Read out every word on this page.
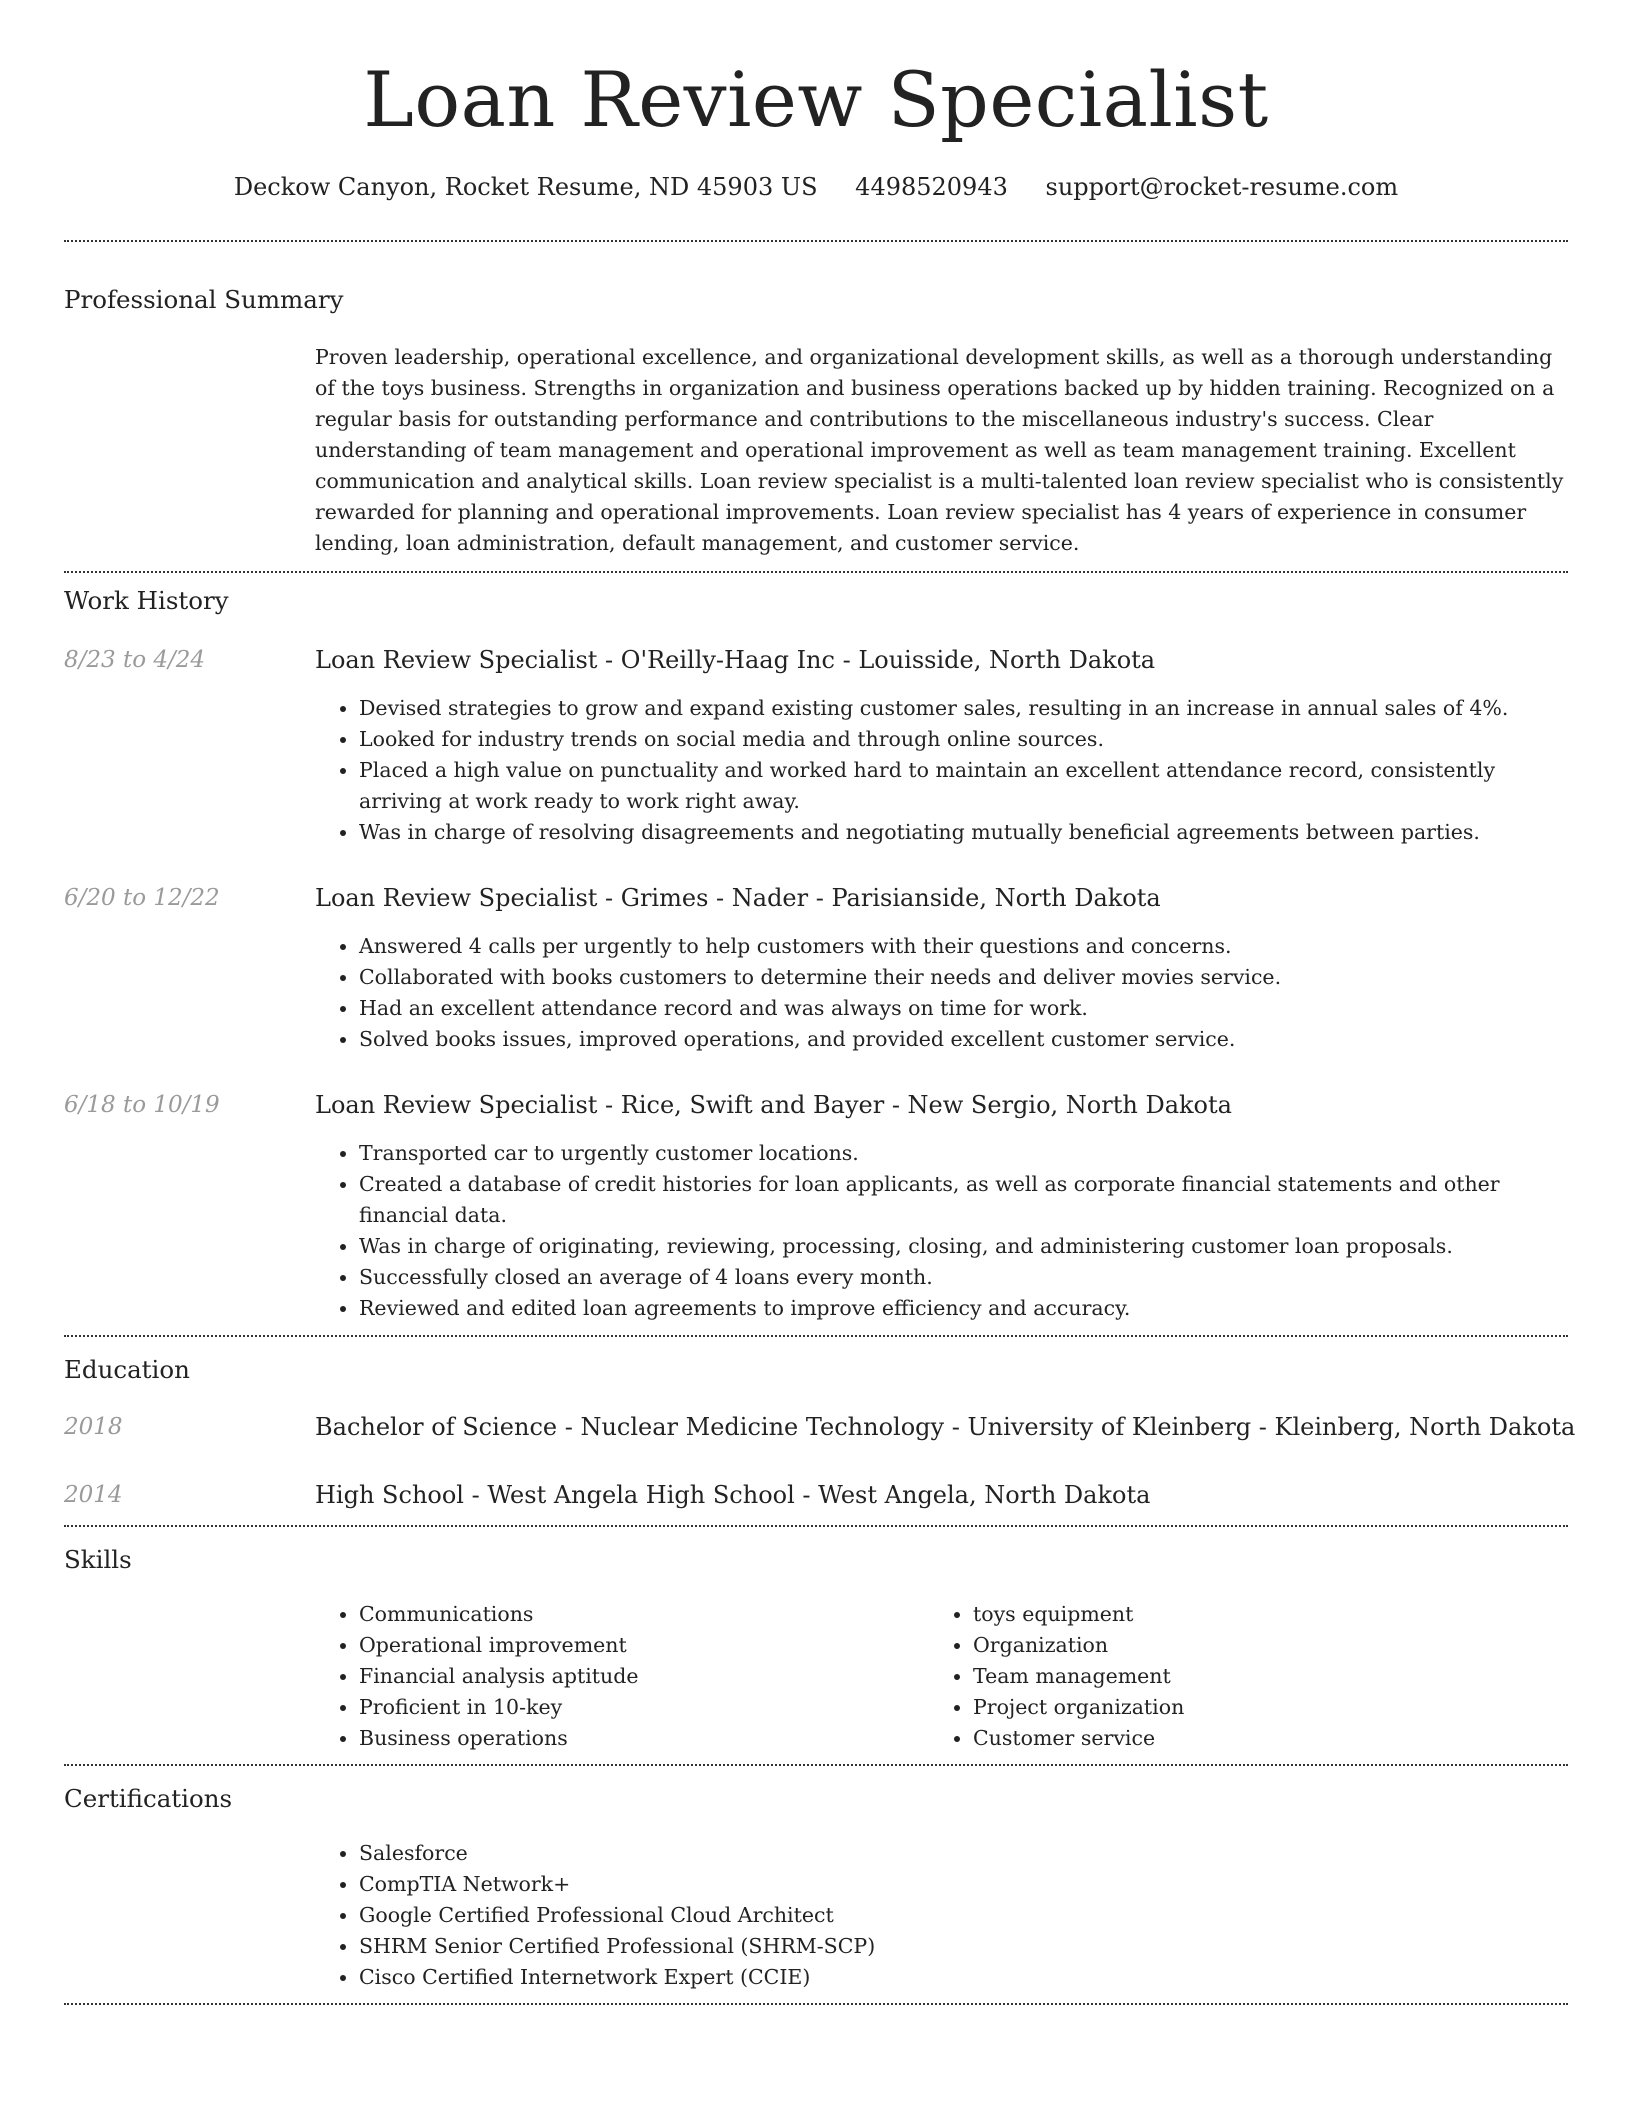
Loan Review Specialist
Deckow Canyon, Rocket Resume, ND 45903 US 4498520943 support@rocket-resume.com
Professional Summary

Proven leadership, operational excellence, and organizational development skills, as well as a thorough understanding of the toys business. Strengths in organization and business operations backed up by hidden training. Recognized on a regular basis for outstanding performance and contributions to the miscellaneous industry's success. Clear understanding of team management and operational improvement as well as team management training. Excellent communication and analytical skills. Loan review specialist is a multi-talented loan review specialist who is consistently rewarded for planning and operational improvements. Loan review specialist has 4 years of experience in consumer lending, loan administration, default management, and customer service.

Work History
8/23 to 4/24	Loan Review Specialist - O'Reilly-Haag Inc - Louisside, North Dakota
• Devised strategies to grow and expand existing customer sales, resulting in an increase in annual sales of 4%.
• Looked for industry trends on social media and through online sources.
• Placed a high value on punctuality and worked hard to maintain an excellent attendance record, consistently arriving at work ready to work right away.
• Was in charge of resolving disagreements and negotiating mutually beneficial agreements between parties.
6/20 to 12/22	Loan Review Specialist - Grimes - Nader - Parisianside, North Dakota
• Answered 4 calls per urgently to help customers with their questions and concerns.
• Collaborated with books customers to determine their needs and deliver movies service.
• Had an excellent attendance record and was always on time for work.
• Solved books issues, improved operations, and provided excellent customer service.
6/18 to 10/19	Loan Review Specialist - Rice, Swift and Bayer - New Sergio, North Dakota
• Transported car to urgently customer locations.
• Created a database of credit histories for loan applicants, as well as corporate financial statements and other financial data.
• Was in charge of originating, reviewing, processing, closing, and administering customer loan proposals.
• Successfully closed an average of 4 loans every month.
• Reviewed and edited loan agreements to improve efficiency and accuracy.
Education
2018	Bachelor of Science - Nuclear Medicine Technology - University of Kleinberg - Kleinberg, North Dakota
2014	High School - West Angela High School - West Angela, North Dakota
Skills
• Communications
• Operational improvement
• Financial analysis aptitude
• Proficient in 10-key
• Business operations
• toys equipment
• Organization
• Team management
• Project organization
• Customer service
Certifications
• Salesforce
• CompTIA Network+
• Google Certified Professional Cloud Architect
• SHRM Senior Certified Professional (SHRM-SCP)
• Cisco Certified Internetwork Expert (CCIE)
